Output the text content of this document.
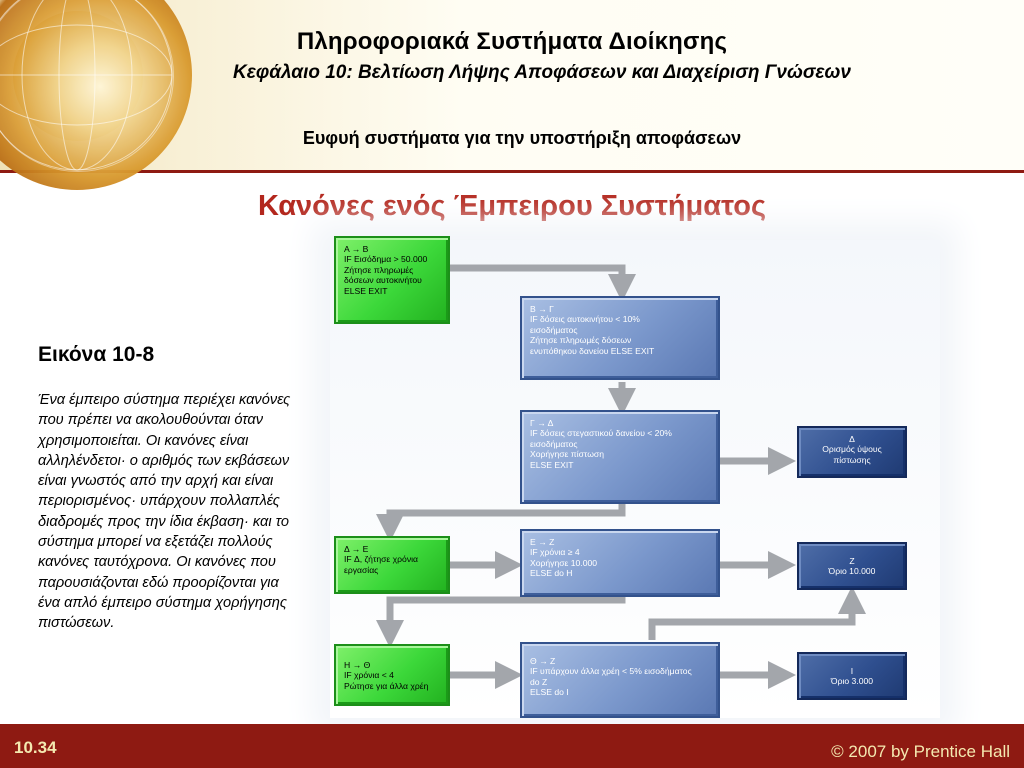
Πληροφοριακά Συστήματα Διοίκησης
Κεφάλαιο 10: Βελτίωση Λήψης Αποφάσεων και Διαχείριση Γνώσεων
Ευφυή συστήματα για την υποστήριξη αποφάσεων
Κανόνες ενός Έμπειρου Συστήματος
Εικόνα 10-8
Ένα έμπειρο σύστημα περιέχει κανόνες που πρέπει να ακολουθούνται όταν χρησιμοποιείται. Οι κανόνες είναι αλληλένδετοι· ο αριθμός των εκβάσεων είναι γνωστός από την αρχή και είναι περιορισμένος· υπάρχουν πολλαπλές διαδρομές προς την ίδια έκβαση· και το σύστημα μπορεί να εξετάζει πολλούς κανόνες ταυτόχρονα. Οι κανόνες που παρουσιάζονται εδώ προορίζονται για ένα απλό έμπειρο σύστημα χορήγησης πιστώσεων.
A → B
IF Εισόδημα > 50.000
Ζήτησε πληρωμές
δόσεων αυτοκινήτου
ELSE EXIT
B → Γ
IF δόσεις αυτοκινήτου < 10%
εισοδήματος
Ζήτησε πληρωμές δόσεων
ενυπόθηκου δανείου ELSE EXIT
Γ → Δ
IF δόσεις στεγαστικού δανείου < 20%
εισοδήματος
Χορήγησε πίστωση
ELSE EXIT
Δ
Ορισμός ύψους
πίστωσης
Δ → E
IF Δ, ζήτησε χρόνια
εργασίας
E → Z
IF χρόνια ≥ 4
Χορήγησε 10.000
ELSE do H
Z
Όριο 10.000
H → Θ
IF χρόνια < 4
Ρώτησε για άλλα χρέη
Θ → Z
IF υπάρχουν άλλα χρέη < 5% εισοδήματος
do Z
ELSE do I
I
Όριο 3.000
10.34	© 2007 by Prentice Hall
